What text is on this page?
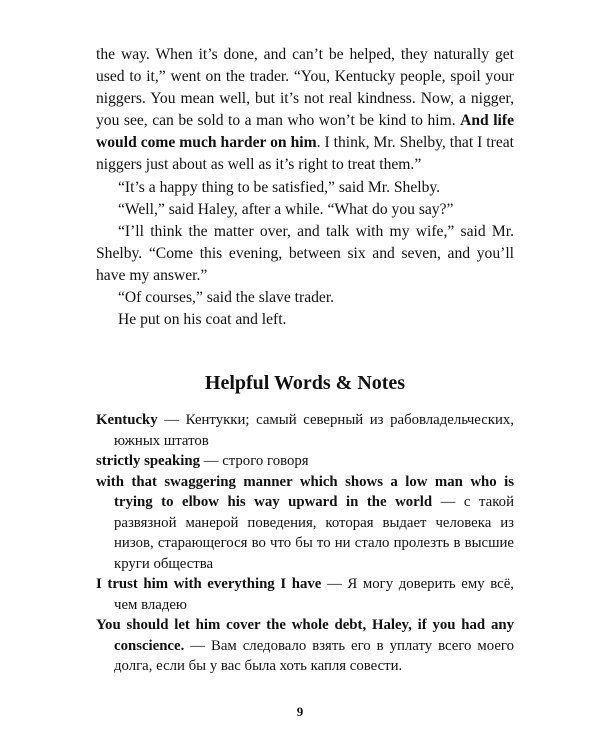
the way. When it’s done, and can’t be helped, they naturally get used to it,” went on the trader. “You, Kentucky people, spoil your niggers. You mean well, but it’s not real kindness. Now, a nigger, you see, can be sold to a man who won’t be kind to him. And life would come much harder on him. I think, Mr. Shelby, that I treat niggers just about as well as it’s right to treat them.”

“It’s a happy thing to be satisfied,” said Mr. Shelby.

“Well,” said Haley, after a while. “What do you say?”

“I’ll think the matter over, and talk with my wife,” said Mr. Shelby. “Come this evening, between six and seven, and you’ll have my answer.”

“Of courses,” said the slave trader.

He put on his coat and left.

Helpful Words & Notes

Kentucky — Кентукки; самый северный из рабовладельческих, южных штатов

strictly speaking — строго говоря

with that swaggering manner which shows a low man who is trying to elbow his way upward in the world — с такой развязной манерой поведения, которая выдает человека из низов, старающегося во что бы то ни стало пролезть в высшие круги общества

I trust him with everything I have — Я могу доверить ему всё, чем владею

You should let him cover the whole debt, Haley, if you had any conscience. — Вам следовало взять его в уплату всего моего долга, если бы у вас была хоть капля совести.

9
